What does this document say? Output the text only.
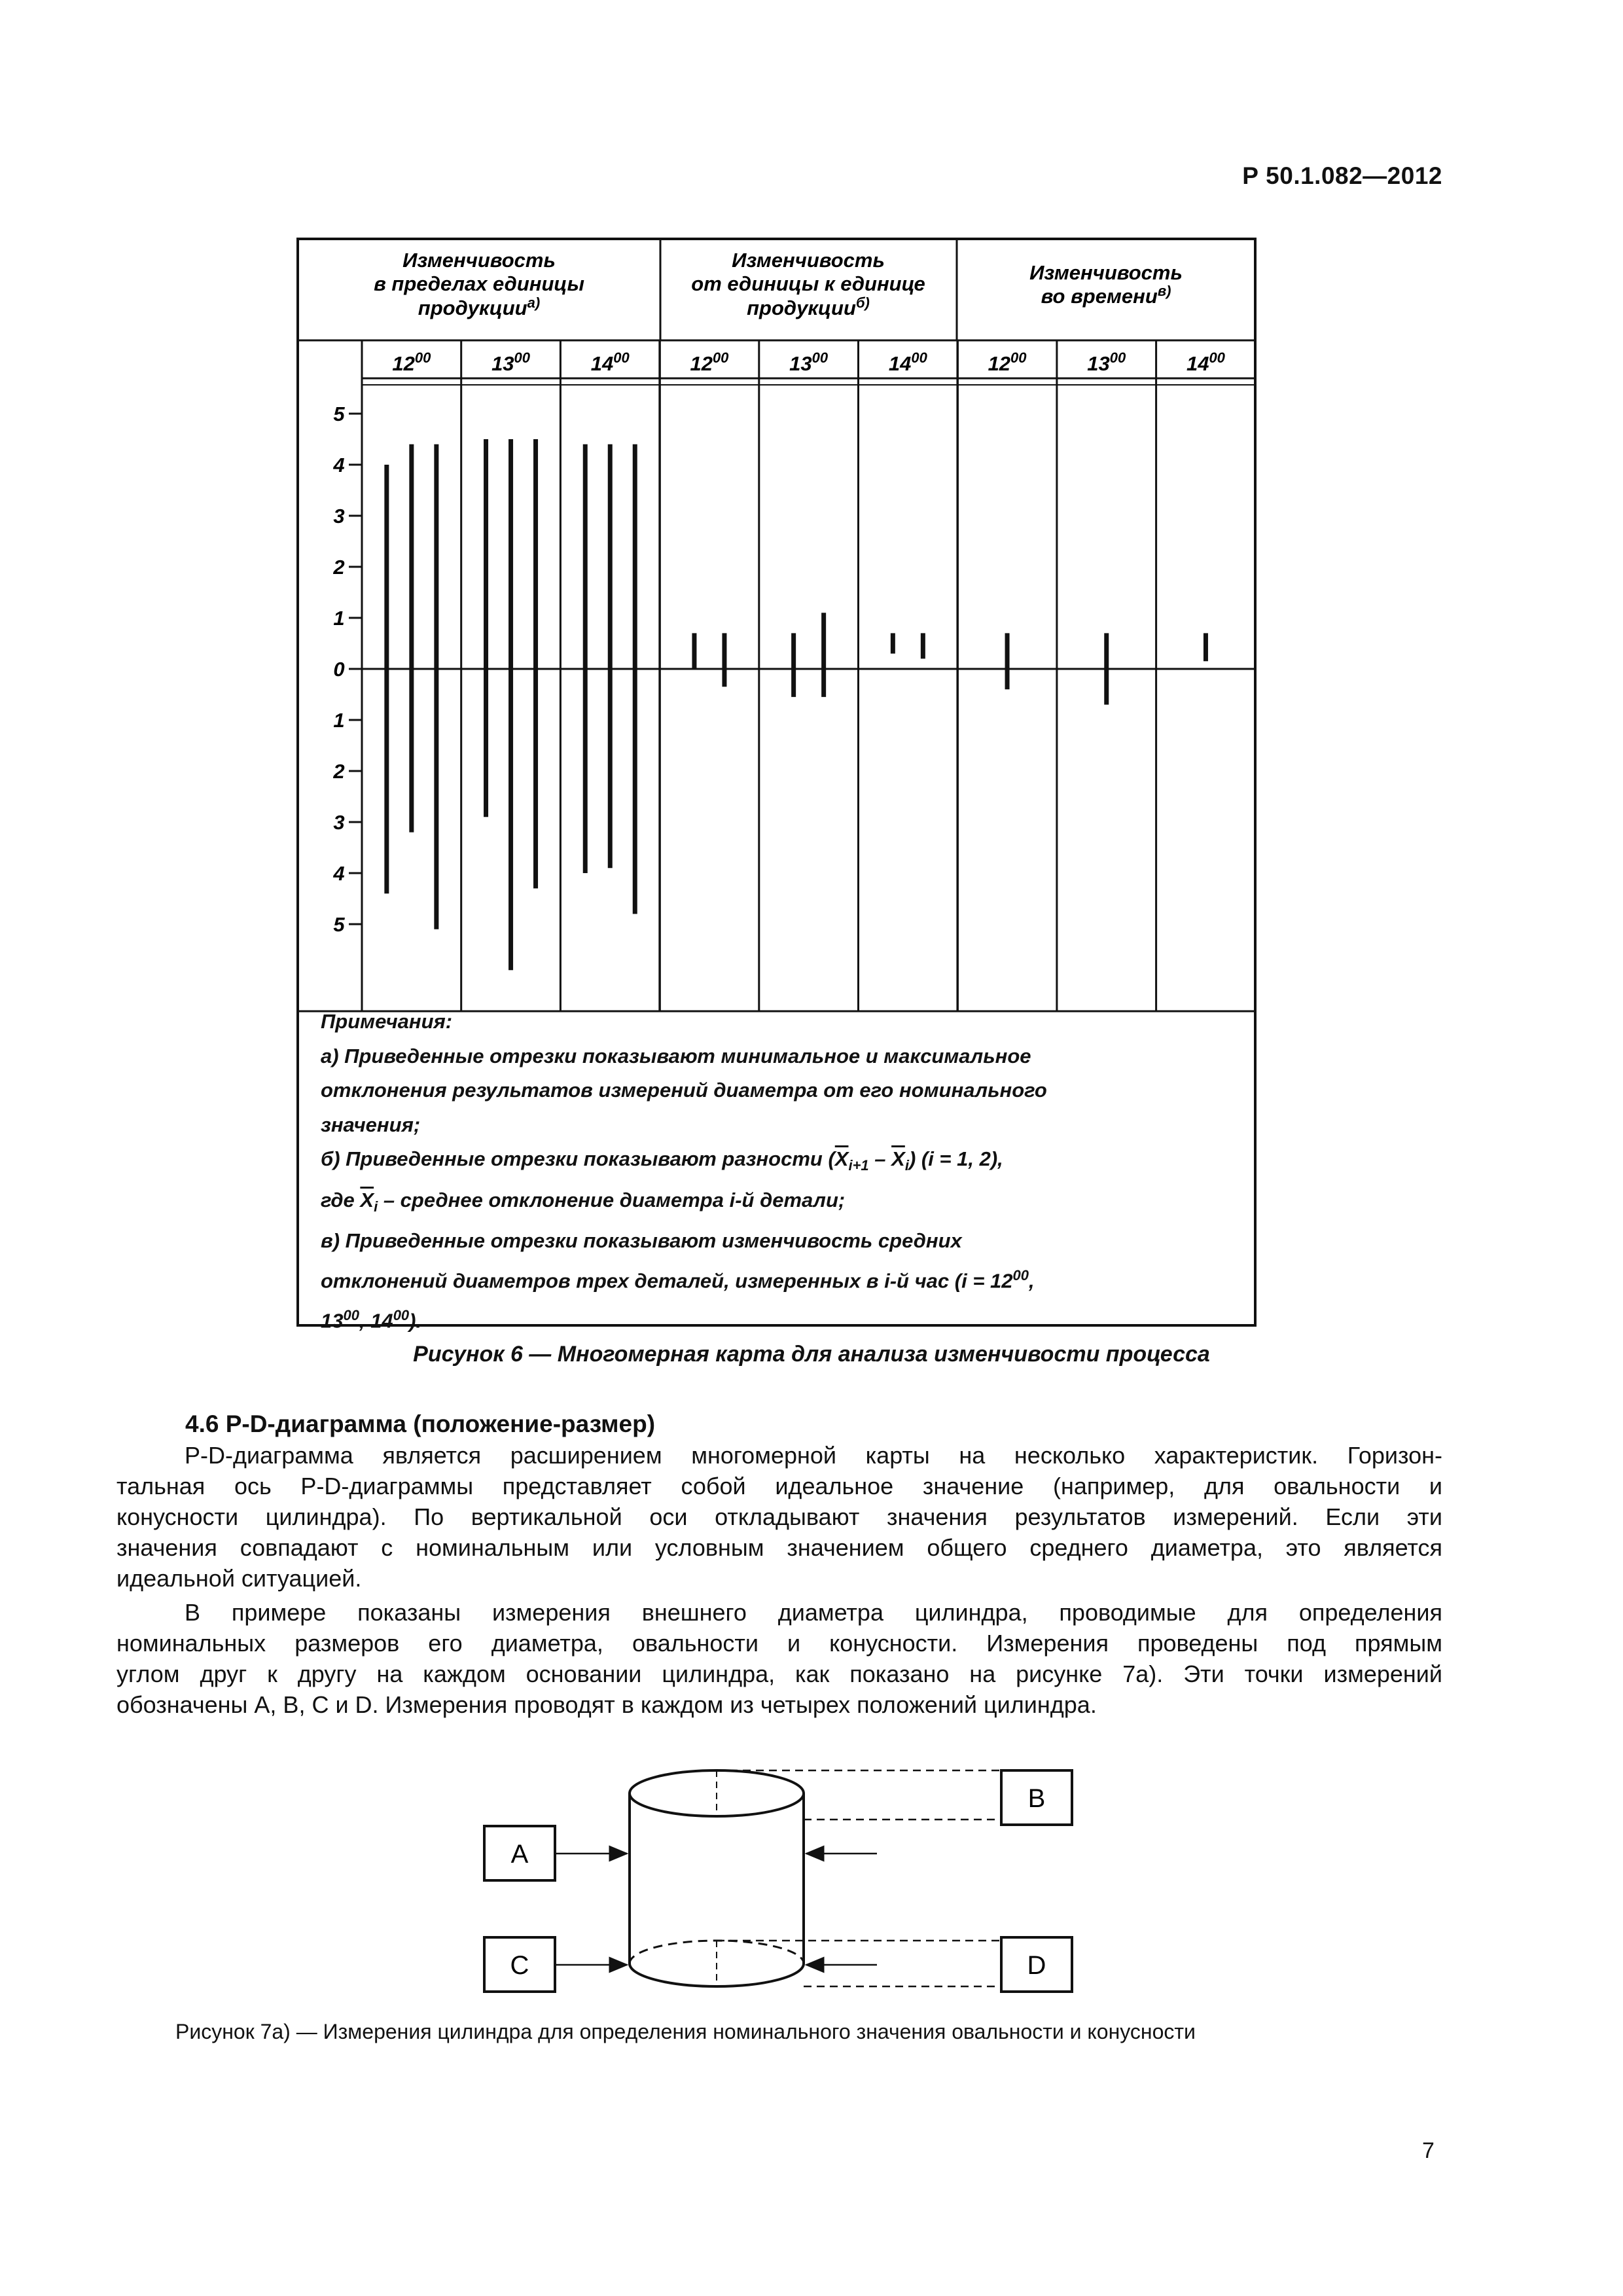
Р 50.1.082—2012
Изменчивость
в пределах единицы
продукции$^{а)}$
Изменчивость
от единицы к единице
продукции$^{б)}$
Изменчивость
во времени$^{в)}$
$12^{00}$	$13^{00}$	$14^{00}$	$12^{00}$	$13^{00}$	$14^{00}$	$12^{00}$	$13^{00}$	$14^{00}$
5
4
3
2
1
0
1
2
3
4
5
Примечания:
а) Приведенные отрезки показывают минимальное и максимальное
отклонения результатов измерений диаметра от его номинального
значения;
б) Приведенные отрезки показывают разности $(\overline{X}_{i+1} - \overline{X}_i) (i = 1$, 2),
где $\overline{X}_i$ – среднее отклонение диаметра i-й детали;
в) Приведенные отрезки показывают изменчивость средних
отклонений диаметров трех деталей, измеренных в i-й час ($i = 12^{00}$,
$13^{00}$, $14^{00}$).
Рисунок 6 — Многомерная карта для анализа изменчивости процесса
4.6 P-D-диаграмма (положение-размер)
P-D-диаграмма является расширением многомерной карты на несколько характеристик. Горизон-
тальная ось P-D-диаграммы представляет собой идеальное значение (например, для овальности и
конусности цилиндра). По вертикальной оси откладывают значения результатов измерений. Если эти
значения совпадают с номинальным или условным значением общего среднего диаметра, это является
идеальной ситуацией.
В примере показаны измерения внешнего диаметра цилиндра, проводимые для определения
номинальных размеров его диаметра, овальности и конусности. Измерения проведены под прямым
углом друг к другу на каждом основании цилиндра, как показано на рисунке 7а). Эти точки измерений
обозначены А, В, С и D. Измерения проводят в каждом из четырех положений цилиндра.
A
B
C	D
Рисунок 7а) — Измерения цилиндра для определения номинального значения овальности и конусности
7
